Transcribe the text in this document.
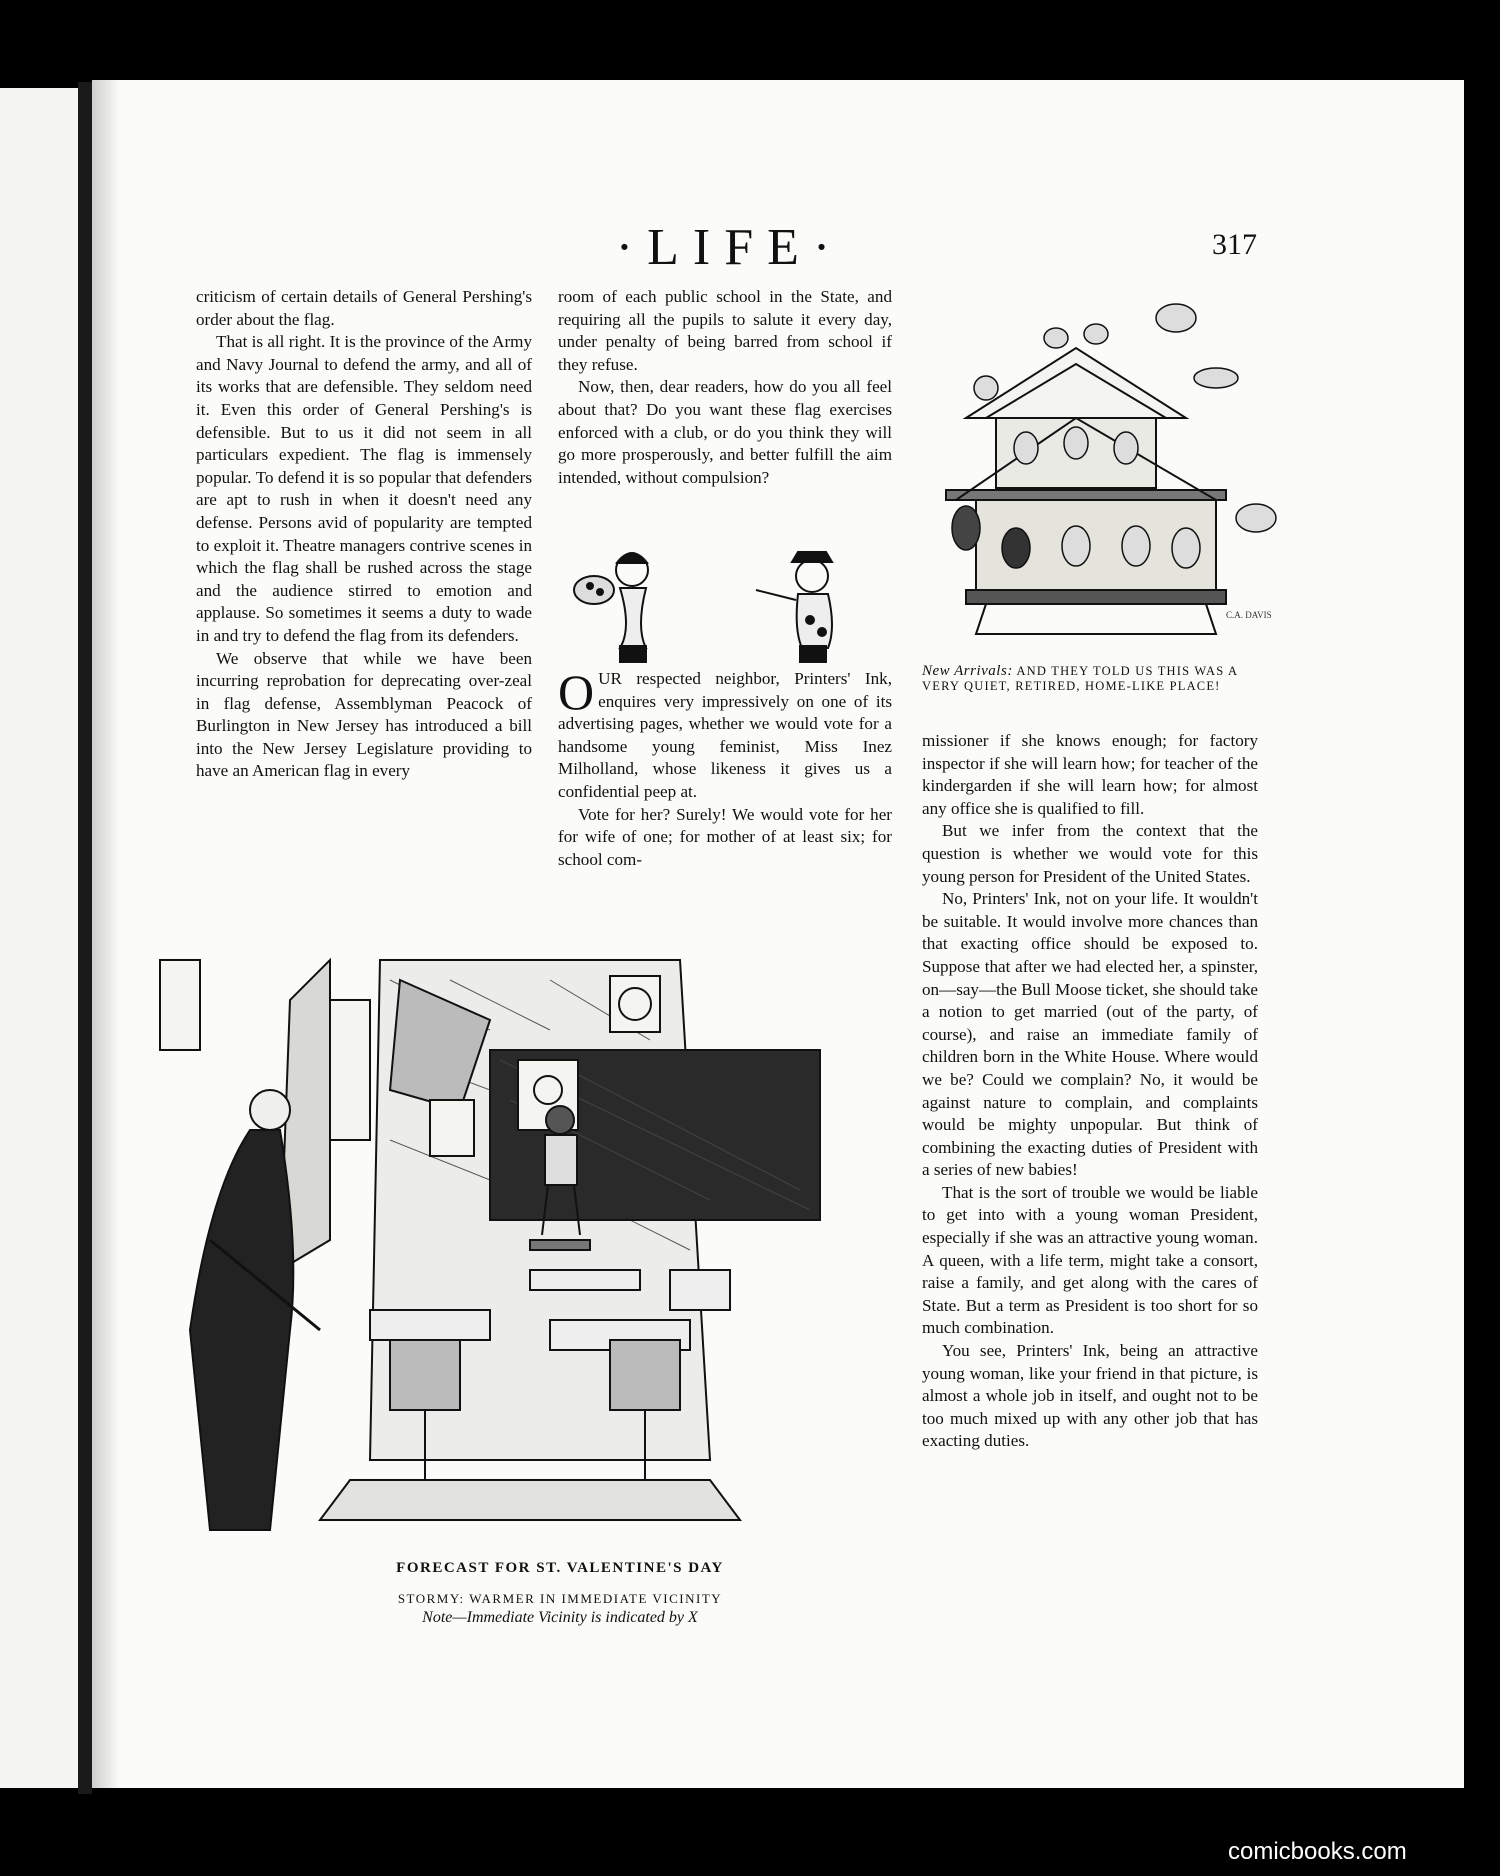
·LIFE·	317

criticism of certain details of General Pershing's order about the flag.

That is all right. It is the province of the Army and Navy Journal to defend the army, and all of its works that are defensible. They seldom need it. Even this order of General Pershing's is defensible. But to us it did not seem in all particulars expedient. The flag is immensely popular. To defend it is so popular that defenders are apt to rush in when it doesn't need any defense. Persons avid of popularity are tempted to exploit it. Theatre managers contrive scenes in which the flag shall be rushed across the stage and the audience stirred to emotion and applause. So sometimes it seems a duty to wade in and try to defend the flag from its defenders.

We observe that while we have been incurring reprobation for deprecating over-zeal in flag defense, Assemblyman Peacock of Burlington in New Jersey has introduced a bill into the New Jersey Legislature providing to have an American flag in every

room of each public school in the State, and requiring all the pupils to salute it every day, under penalty of being barred from school if they refuse.

Now, then, dear readers, how do you all feel about that? Do you want these flag exercises enforced with a club, or do you think they will go more prosperously, and better fulfill the aim intended, without compulsion?

OUR respected neighbor, Printers' Ink, enquires very impressively on one of its advertising pages, whether we would vote for a handsome young feminist, Miss Inez Milholland, whose likeness it gives us a confidential peep at.

Vote for her? Surely! We would vote for her for wife of one; for mother of at least six; for school com-

C.A. DAVIS
New Arrivals: AND THEY TOLD US THIS WAS A VERY QUIET, RETIRED, HOME-LIKE PLACE!

missioner if she knows enough; for factory inspector if she will learn how; for teacher of the kindergarden if she will learn how; for almost any office she is qualified to fill.

But we infer from the context that the question is whether we would vote for this young person for President of the United States.

No, Printers' Ink, not on your life. It wouldn't be suitable. It would involve more chances than that exacting office should be exposed to. Suppose that after we had elected her, a spinster, on—say—the Bull Moose ticket, she should take a notion to get married (out of the party, of course), and raise an immediate family of children born in the White House. Where would we be? Could we complain? No, it would be against nature to complain, and complaints would be mighty unpopular. But think of combining the exacting duties of President with a series of new babies!

That is the sort of trouble we would be liable to get into with a young woman President, especially if she was an attractive young woman. A queen, with a life term, might take a consort, raise a family, and get along with the cares of State. But a term as President is too short for so much combination.

You see, Printers' Ink, being an attractive young woman, like your friend in that picture, is almost a whole job in itself, and ought not to be too much mixed up with any other job that has exacting duties.

FORECAST FOR ST. VALENTINE'S DAY
STORMY: WARMER IN IMMEDIATE VICINITY
Note—Immediate Vicinity is indicated by X
comicbooks.com
